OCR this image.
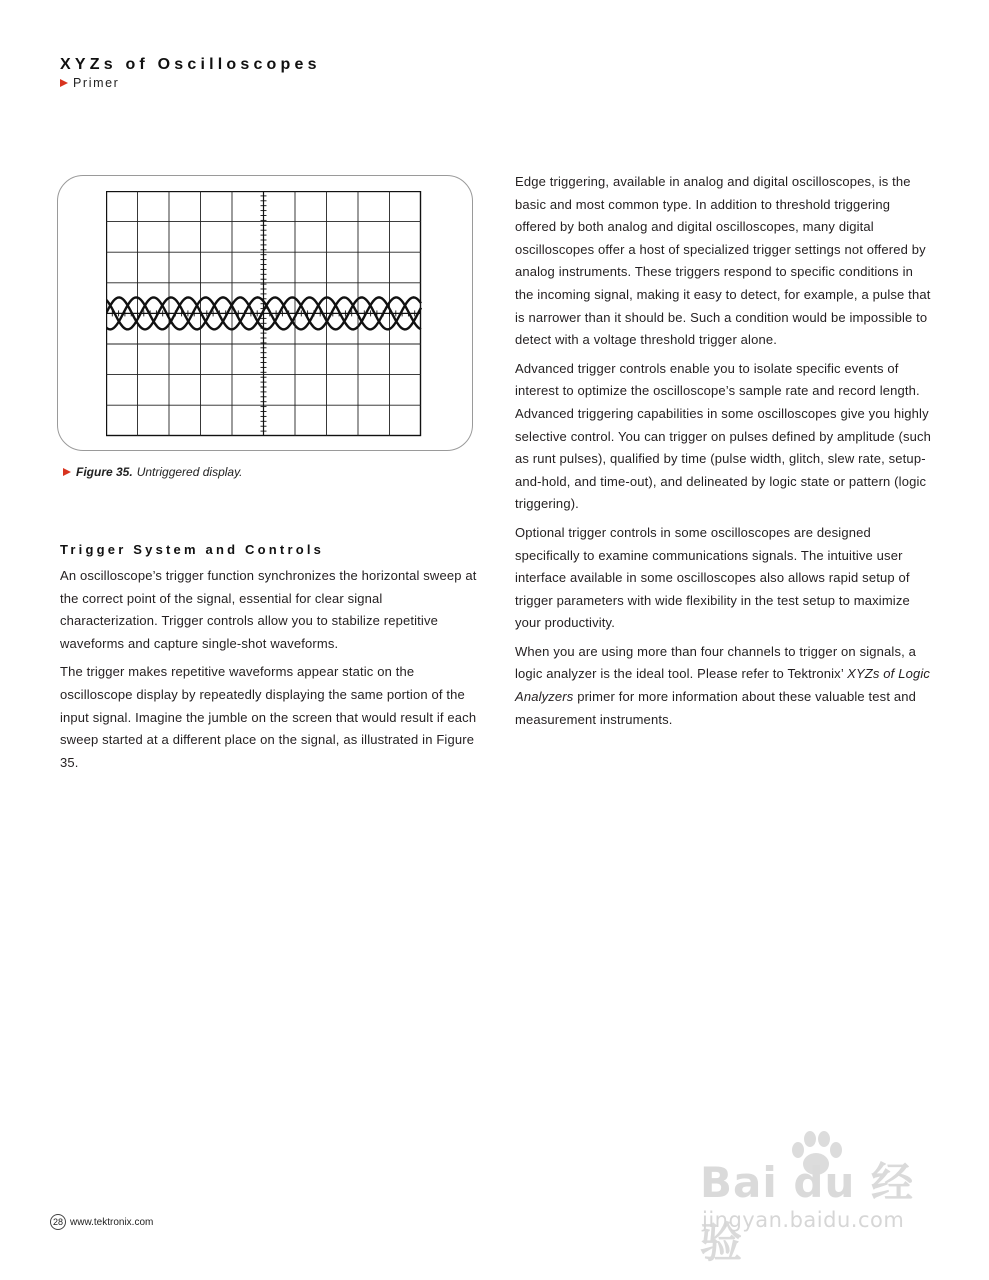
XYZs of Oscilloscopes
Primer
Figure 35. Untriggered display.
Trigger System and Controls

An oscilloscope’s trigger function synchronizes the horizontal sweep at the correct point of the signal, essential for clear signal characterization. Trigger controls allow you to stabilize repetitive waveforms and capture single-shot waveforms.

The trigger makes repetitive waveforms appear static on the oscilloscope display by repeatedly displaying the same portion of the input signal. Imagine the jumble on the screen that would result if each sweep started at a different place on the signal, as illustrated in Figure 35.

Edge triggering, available in analog and digital oscilloscopes, is the basic and most common type. In addition to threshold triggering offered by both analog and digital oscilloscopes, many digital oscilloscopes offer a host of specialized trigger settings not offered by analog instruments. These triggers respond to specific conditions in the incoming signal, making it easy to detect, for example, a pulse that is narrower than it should be. Such a condition would be impossible to detect with a voltage threshold trigger alone.

Advanced trigger controls enable you to isolate specific events of interest to optimize the oscilloscope’s sample rate and record length. Advanced triggering capabilities in some oscilloscopes give you highly selective control. You can trigger on pulses defined by amplitude (such as runt pulses), qualified by time (pulse width, glitch, slew rate, setup-and-hold, and time-out), and delineated by logic state or pattern (logic triggering).

Optional trigger controls in some oscilloscopes are designed specifically to examine communications signals. The intuitive user interface available in some oscilloscopes also allows rapid setup of trigger parameters with wide flexibility in the test setup to maximize your productivity.

When you are using more than four channels to trigger on signals, a logic analyzer is the ideal tool. Please refer to Tektronix’ XYZs of Logic Analyzers primer for more information about these valuable test and measurement instruments.

28 www.tektronix.com
Bai du 经验
jingyan.baidu.com
